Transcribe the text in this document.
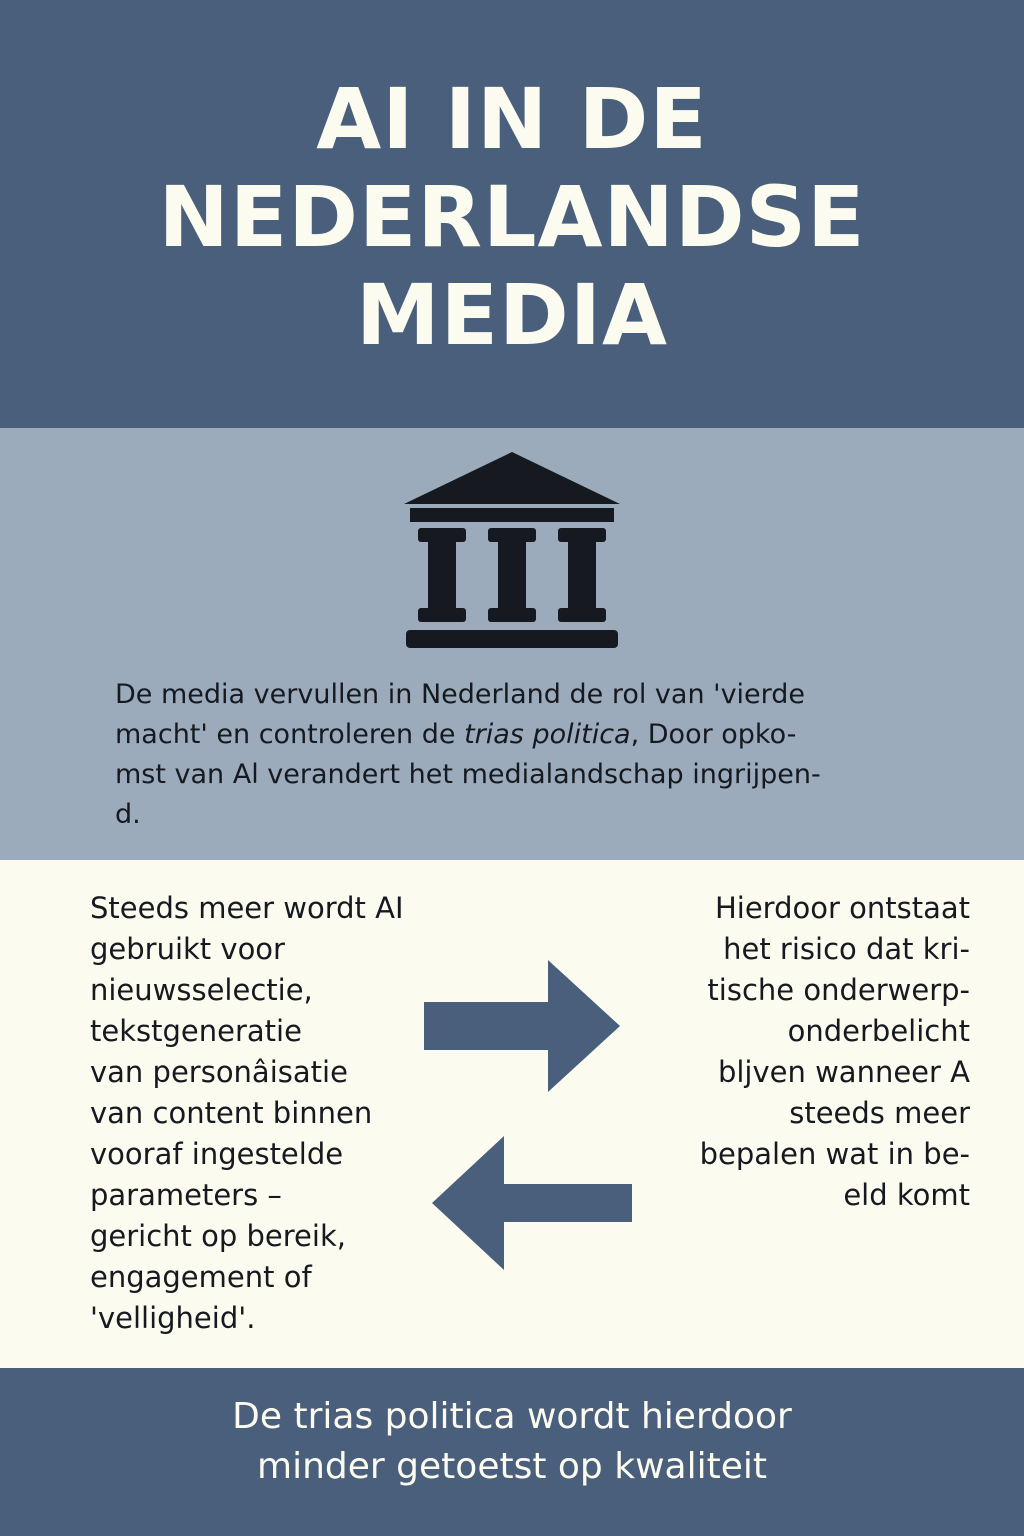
AI IN DE
NEDERLANDSE
MEDIA

De media vervullen in Nederland de rol van 'vierde
macht' en controleren de trias politica, Door opko-
mst van Al verandert het medialandschap ingrijpen-
d.

Steeds meer wordt AI
gebruikt voor
nieuwsselectie,
tekstgeneratie
van personâisatie
van content binnen
vooraf ingestelde
parameters –
gericht op bereik,
engagement of
'velligheid'.

Hierdoor ontstaat
het risico dat kri-
tische onderwerp-
onderbelicht
bljven wanneer A
steeds meer
bepalen wat in be-
eld komt

De trias politica wordt hierdoor
minder getoetst op kwaliteit
